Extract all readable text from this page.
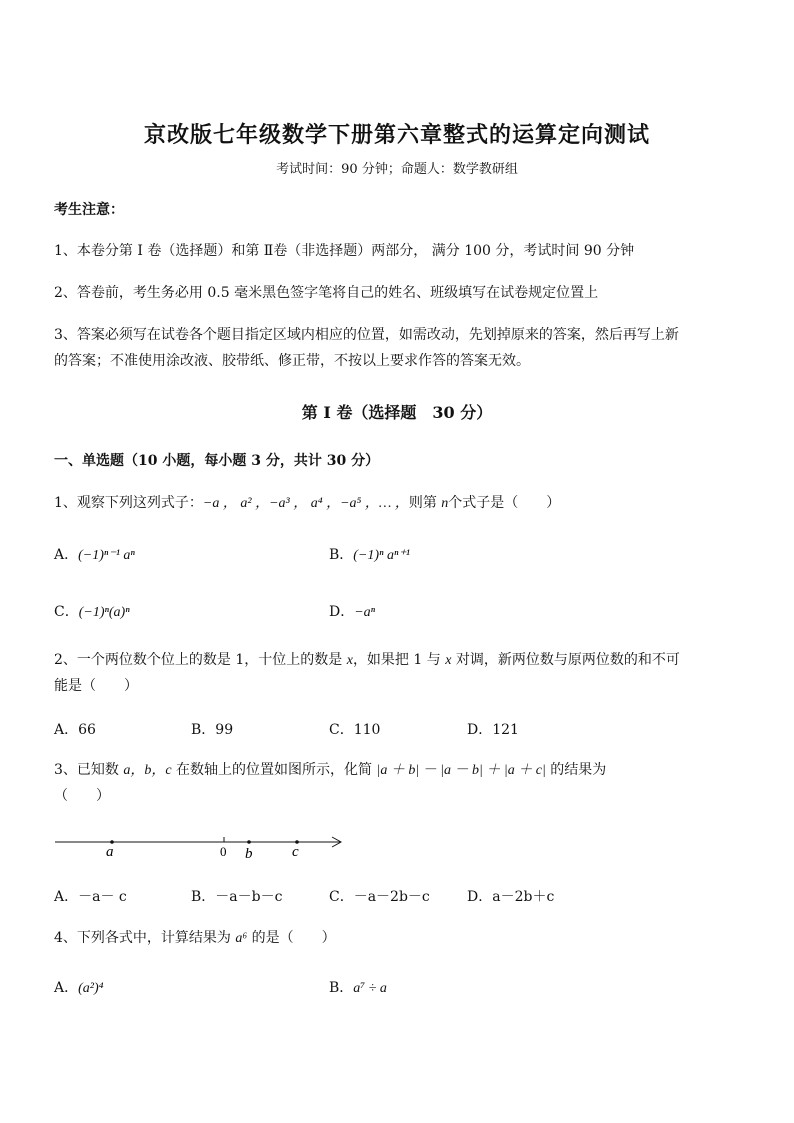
京改版七年级数学下册第六章整式的运算定向测试
考试时间：90 分钟；命题人：数学教研组
考生注意：
1、本卷分第 I 卷（选择题）和第 Ⅱ卷（非选择题）两部分， 满分 100 分，考试时间 90 分钟
2、答卷前，考生务必用 0.5 毫米黑色签字笔将自己的姓名、班级填写在试卷规定位置上
3、答案必须写在试卷各个题目指定区域内相应的位置，如需改动，先划掉原来的答案，然后再写上新
的答案；不准使用涂改液、胶带纸、修正带，不按以上要求作答的答案无效。
第 I 卷（选择题　30 分）
一、单选题（10 小题，每小题 3 分，共计 30 分）
1、观察下列这列式子：−a ， a² ，−a³ ， a⁴ ，−a⁵ ，… ，则第 n个式子是（　　）
A．(−1)ⁿ⁻¹ aⁿ	B．(−1)ⁿ aⁿ⁺¹
C．(−1)ⁿ(a)ⁿ	D．−aⁿ
2、一个两位数个位上的数是 1，十位上的数是 x，如果把 1 与 x 对调，新两位数与原两位数的和不可
能是（　　）
A．66	B．99	C．110	D．121
3、已知数 a，b，c 在数轴上的位置如图所示，化简 |a ＋ b| － |a － b| ＋ |a ＋ c| 的结果为
（　　）
a	0 b	c
A．－a－ c	B．－a－b－c	C．－a－2b－c	D．a－2b＋c
4、下列各式中，计算结果为 a⁶ 的是（　　）
A．(a²)⁴	B．a⁷ ÷ a
